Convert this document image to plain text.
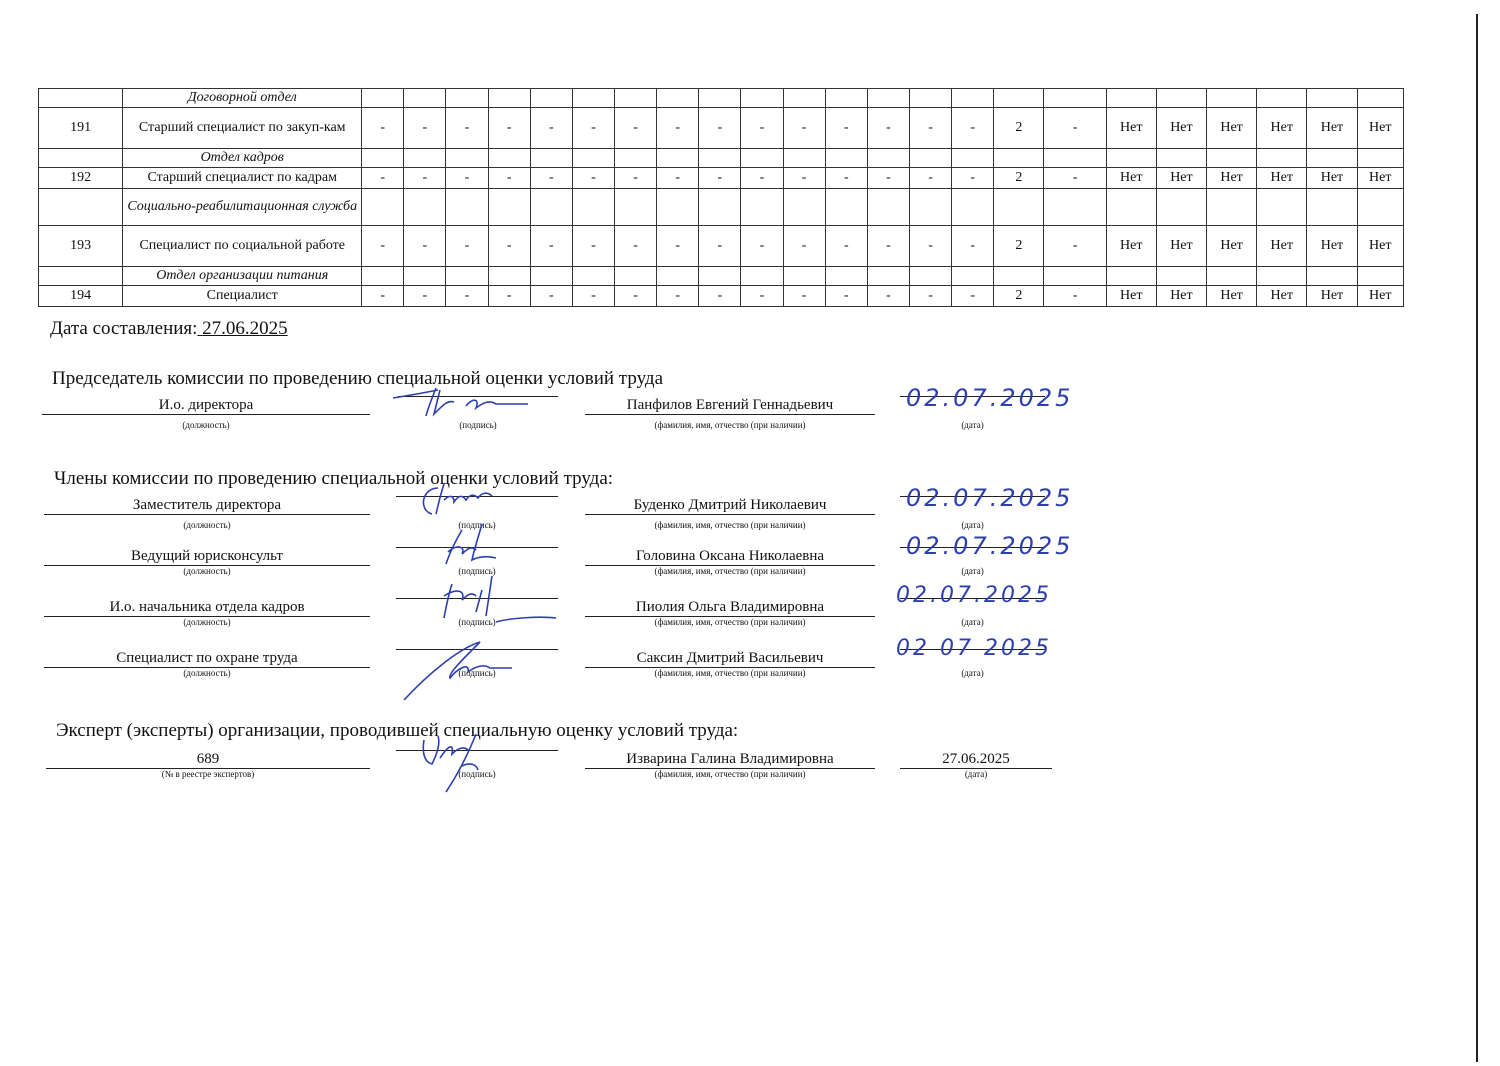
	Договорной отдел																							
191	Старший специалист по закуп-кам	-	-	-	-	-	-	-	-	-	-	-	-	-	-	-	2	-	Нет	Нет	Нет	Нет	Нет	Нет
	Отдел кадров																							
192	Старший специалист по кадрам	-	-	-	-	-	-	-	-	-	-	-	-	-	-	-	2	-	Нет	Нет	Нет	Нет	Нет	Нет
	Социально-реабилитационная служба																							
193	Специалист по социальной работе	-	-	-	-	-	-	-	-	-	-	-	-	-	-	-	2	-	Нет	Нет	Нет	Нет	Нет	Нет
	Отдел организации питания																							
194	Специалист	-	-	-	-	-	-	-	-	-	-	-	-	-	-	-	2	-	Нет	Нет	Нет	Нет	Нет	Нет
Дата составления: 27.06.2025
Председатель комиссии по проведению специальной оценки условий труда
И.о. директора
(должность)	(подпись)
Панфилов Евгений Геннадьевич
(фамилия, имя, отчество (при наличии)
02.07.2025
(дата)
Члены комиссии по проведению специальной оценки условий труда:
Заместитель директора
(должность)	(подпись)
Буденко Дмитрий Николаевич
(фамилия, имя, отчество (при наличии)
02.07.2025
(дата)
Ведущий юрисконсульт
(должность)	(подпись)
Головина Оксана Николаевна
(фамилия, имя, отчество (при наличии)
02.07.2025
(дата)
И.о. начальника отдела кадров
(должность)	(подпись)
Пиолия Ольга Владимировна
(фамилия, имя, отчество (при наличии)
02.07.2025
(дата)
Специалист по охране труда
(должность)	(подпись)
Саксин Дмитрий Васильевич
(фамилия, имя, отчество (при наличии)
02 07 2025
(дата)
Эксперт (эксперты) организации, проводившей специальную оценку условий труда:
689
(№ в реестре экспертов)	(подпись)
Изварина Галина Владимировна
(фамилия, имя, отчество (при наличии)
27.06.2025
(дата)
